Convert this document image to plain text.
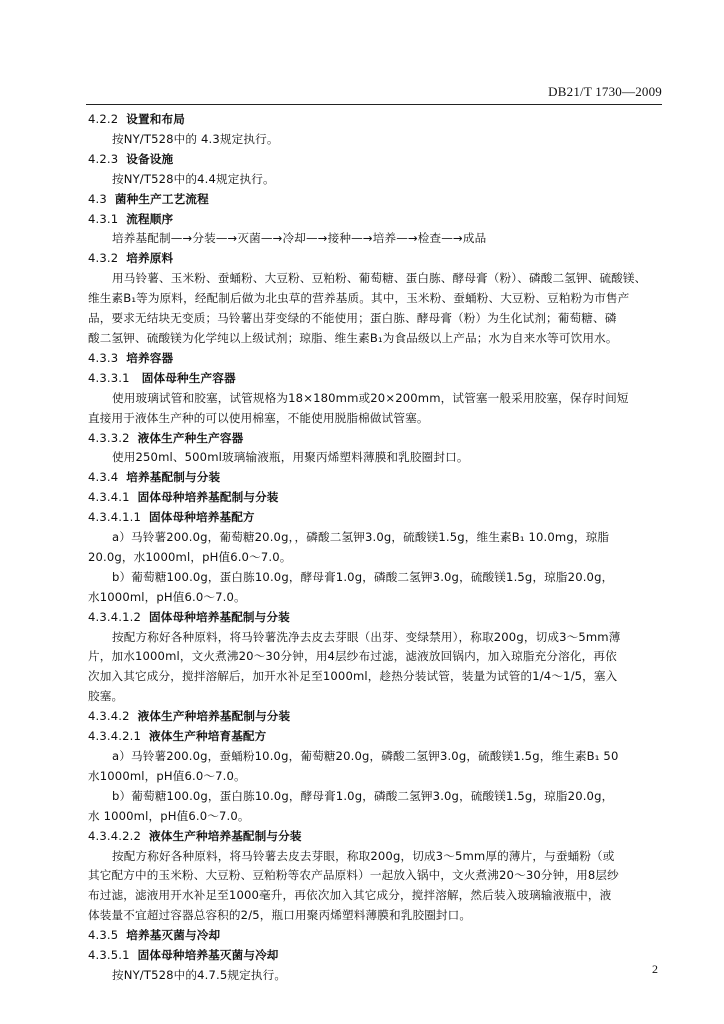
DB21/T 1730—2009
4.2.2 设置和布局
按NY/T528中的 4.3规定执行。
4.2.3 设备设施
按NY/T528中的4.4规定执行。
4.3 菌种生产工艺流程
4.3.1 流程顺序
培养基配制—→分装—→灭菌—→冷却—→接种—→培养—→检查—→成品
4.3.2 培养原料
用马铃薯、玉米粉、蚕蛹粉、大豆粉、豆粕粉、葡萄糖、蛋白胨、酵母膏（粉）、磷酸二氢钾、硫酸镁、
维生素B₁等为原料，经配制后做为北虫草的营养基质。其中，玉米粉、蚕蛹粉、大豆粉、豆粕粉为市售产
品，要求无结块无变质；马铃薯出芽变绿的不能使用；蛋白胨、酵母膏（粉）为生化试剂；葡萄糖、磷
酸二氢钾、硫酸镁为化学纯以上级试剂；琼脂、维生素B₁为食品级以上产品；水为自来水等可饮用水。
4.3.3 培养容器
4.3.3.1 固体母种生产容器
使用玻璃试管和胶塞，试管规格为18×180mm或20×200mm，试管塞一般采用胶塞，保存时间短
直接用于液体生产种的可以使用棉塞，不能使用脱脂棉做试管塞。
4.3.3.2 液体生产种生产容器
使用250ml、500ml玻璃输液瓶，用聚丙烯塑料薄膜和乳胶圈封口。
4.3.4 培养基配制与分装
4.3.4.1 固体母种培养基配制与分装
4.3.4.1.1 固体母种培养基配方
a）马铃薯200.0g，葡萄糖20.0g，，磷酸二氢钾3.0g，硫酸镁1.5g，维生素B₁ 10.0mg，琼脂
20.0g，水1000ml，pH值6.0～7.0。
b）葡萄糖100.0g，蛋白胨10.0g，酵母膏1.0g，磷酸二氢钾3.0g，硫酸镁1.5g，琼脂20.0g，
水1000ml，pH值6.0～7.0。
4.3.4.1.2 固体母种培养基配制与分装
按配方称好各种原料，将马铃薯洗净去皮去芽眼（出芽、变绿禁用），称取200g，切成3～5mm薄
片，加水1000ml，文火煮沸20～30分钟，用4层纱布过滤，滤液放回锅内，加入琼脂充分溶化，再依
次加入其它成分，搅拌溶解后，加开水补足至1000ml，趁热分装试管，装量为试管的1/4～1/5，塞入
胶塞。
4.3.4.2 液体生产种培养基配制与分装
4.3.4.2.1 液体生产种培育基配方
a）马铃薯200.0g，蚕蛹粉10.0g，葡萄糖20.0g，磷酸二氢钾3.0g，硫酸镁1.5g，维生素B₁ 50
水1000ml，pH值6.0～7.0。
b）葡萄糖100.0g，蛋白胨10.0g，酵母膏1.0g，磷酸二氢钾3.0g，硫酸镁1.5g，琼脂20.0g，
水 1000ml，pH值6.0～7.0。
4.3.4.2.2 液体生产种培养基配制与分装
按配方称好各种原料，将马铃薯去皮去芽眼，称取200g，切成3～5mm厚的薄片，与蚕蛹粉（或
其它配方中的玉米粉、大豆粉、豆粕粉等农产品原料）一起放入锅中，文火煮沸20～30分钟，用8层纱
布过滤，滤液用开水补足至1000毫升，再依次加入其它成分，搅拌溶解，然后装入玻璃输液瓶中，液
体装量不宜超过容器总容积的2/5，瓶口用聚丙烯塑料薄膜和乳胶圈封口。
4.3.5 培养基灭菌与冷却
4.3.5.1 固体母种培养基灭菌与冷却
按NY/T528中的4.7.5规定执行。	2
